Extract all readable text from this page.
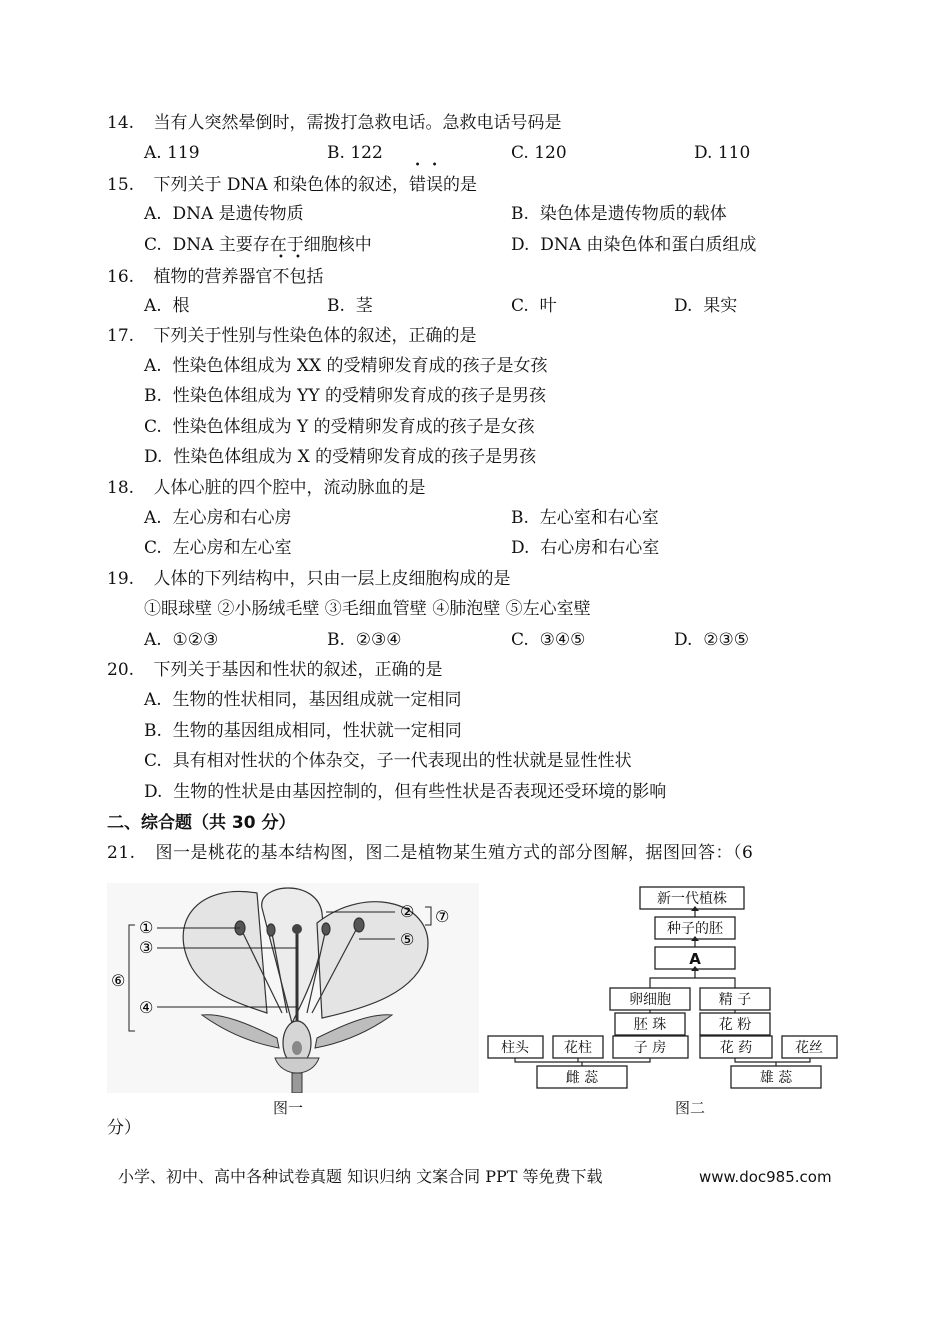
14. 当有人突然晕倒时，需拨打急救电话。急救电话号码是
A. 119	B. 122	C. 120	D. 110
15. 下列关于 DNA 和染色体的叙述，错误的是
A. DNA 是遗传物质	B. 染色体是遗传物质的载体
C. DNA 主要存在于细胞核中	D. DNA 由染色体和蛋白质组成
16. 植物的营养器官不包括
A. 根	B. 茎	C. 叶	D. 果实
17. 下列关于性别与性染色体的叙述，正确的是
A. 性染色体组成为 XX 的受精卵发育成的孩子是女孩
B. 性染色体组成为 YY 的受精卵发育成的孩子是男孩
C. 性染色体组成为 Y 的受精卵发育成的孩子是女孩
D. 性染色体组成为 X 的受精卵发育成的孩子是男孩
18. 人体心脏的四个腔中，流动脉血的是
A. 左心房和右心房	B. 左心室和右心室
C. 左心房和左心室	D. 右心房和右心室
19. 人体的下列结构中，只由一层上皮细胞构成的是
①眼球壁 ②小肠绒毛壁 ③毛细血管壁 ④肺泡壁 ⑤左心室壁
A. ①②③	B. ②③④	C. ③④⑤	D. ②③⑤
20. 下列关于基因和性状的叙述，正确的是
A. 生物的性状相同，基因组成就一定相同
B. 生物的基因组成相同，性状就一定相同
C. 具有相对性状的个体杂交，子一代表现出的性状就是显性性状
D. 生物的性状是由基因控制的，但有些性状是否表现还受环境的影响
二、综合题（共 30 分）
21. 图一是桃花的基本结构图，图二是植物某生殖方式的部分图解，据图回答：（6
①
②
③
④
⑤
⑥
⑦
图一
新一代植株
种子的胚
A
卵细胞	精 子
胚 珠	花 粉
柱头	花柱	子 房	花 药	花丝
雌 蕊	雄 蕊
图二
分）
小学、初中、高中各种试卷真题 知识归纳 文案合同 PPT 等免费下载	www.doc985.com
